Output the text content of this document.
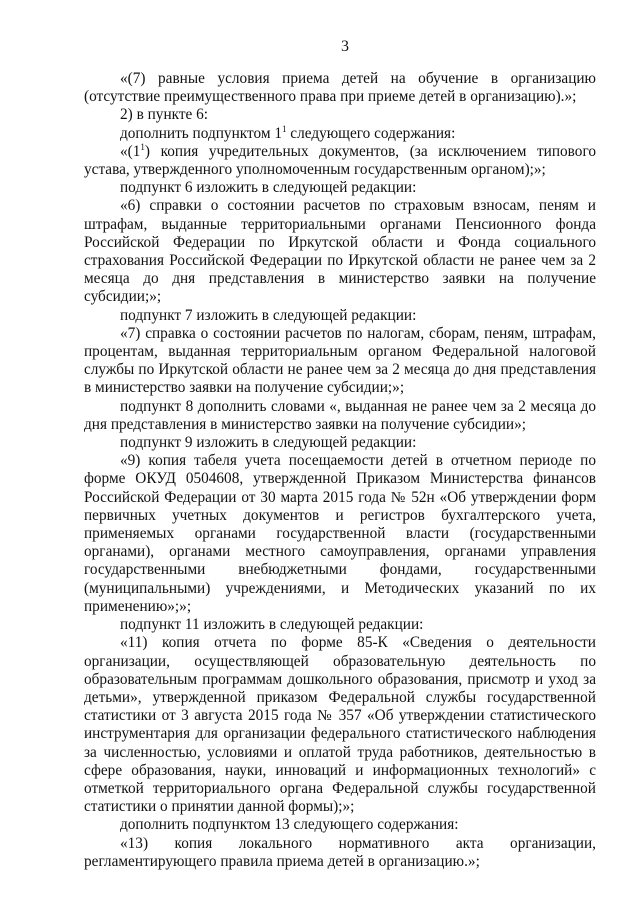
3

«(7) равные условия приема детей на обучение в организацию (отсутствие преимущественного права при приеме детей в организацию).»;

2) в пункте 6:

дополнить подпунктом $1^1$ следующего содержания:

«$(1^1)$ копия учредительных документов, (за исключением типового устава, утвержденного уполномоченным государственным органом);»;

подпункт 6 изложить в следующей редакции:

«6) справки о состоянии расчетов по страховым взносам, пеням и штрафам, выданные территориальными органами Пенсионного фонда Российской Федерации по Иркутской области и Фонда социального страхования Российской Федерации по Иркутской области не ранее чем за 2 месяца до дня представления в министерство заявки на получение субсидии;»;

подпункт 7 изложить в следующей редакции:

«7) справка о состоянии расчетов по налогам, сборам, пеням, штрафам, процентам, выданная территориальным органом Федеральной налоговой службы по Иркутской области не ранее чем за 2 месяца до дня представления в министерство заявки на получение субсидии;»;

подпункт 8 дополнить словами «, выданная не ранее чем за 2 месяца до дня представления в министерство заявки на получение субсидии»;

подпункт 9 изложить в следующей редакции:

«9) копия табеля учета посещаемости детей в отчетном периоде по форме ОКУД 0504608, утвержденной Приказом Министерства финансов Российской Федерации от 30 марта 2015 года № 52н «Об утверждении форм первичных учетных документов и регистров бухгалтерского учета, применяемых органами государственной власти (государственными органами), органами местного самоуправления, органами управления государственными внебюджетными фондами, государственными (муниципальными) учреждениями, и Методических указаний по их применению»;»;

подпункт 11 изложить в следующей редакции:

«11) копия отчета по форме 85-К «Сведения о деятельности организации, осуществляющей образовательную деятельность по образовательным программам дошкольного образования, присмотр и уход за детьми», утвержденной приказом Федеральной службы государственной статистики от 3 августа 2015 года № 357 «Об утверждении статистического инструментария для организации федерального статистического наблюдения за численностью, условиями и оплатой труда работников, деятельностью в сфере образования, науки, инноваций и информационных технологий» с отметкой территориального органа Федеральной службы государственной статистики о принятии данной формы);»;

дополнить подпунктом 13 следующего содержания:

«13) копия локального нормативного акта организации, регламентирующего правила приема детей в организацию.»;
